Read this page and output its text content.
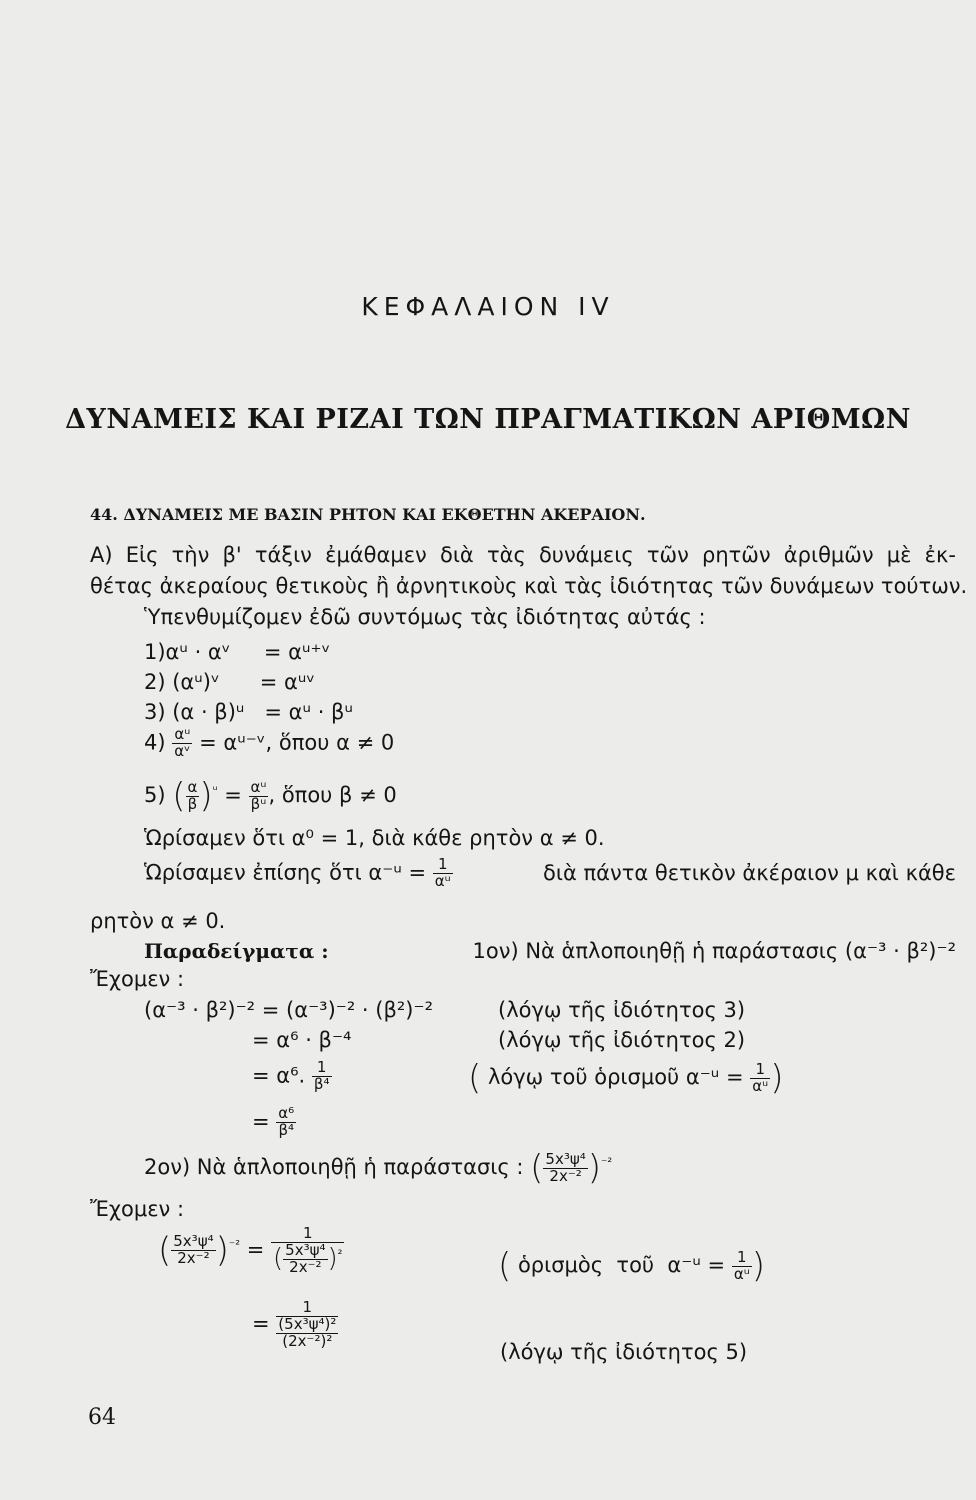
ΚΕΦΑΛΑΙΟΝ IV
ΔΥΝΑΜΕΙΣ ΚΑΙ ΡΙΖΑΙ ΤΩΝ ΠΡΑΓΜΑΤΙΚΩΝ ΑΡΙΘΜΩΝ
44. ΔΥΝΑΜΕΙΣ ΜΕ ΒΑΣΙΝ ΡΗΤΟΝ ΚΑΙ ΕΚΘΕΤΗΝ ΑΚΕΡΑΙΟΝ.
Α) Εἰς τὴν β' τάξιν ἐμάθαμεν διὰ τὰς δυνάμεις τῶν ρητῶν ἀριθμῶν μὲ ἐκ-
θέτας ἀκεραίους θετικοὺς ἢ ἀρνητικοὺς καὶ τὰς ἰδιότητας τῶν δυνάμεων τούτων.
Ὑπενθυμίζομεν ἐδῶ συντόμως τὰς ἰδιότητας αὐτάς :
1)αᵘ · αᵛ     = αᵘ⁺ᵛ
2) (αᵘ)ᵛ      = αᵘᵛ
3) (α · β)ᵘ   = αᵘ · βᵘ
$4) \frac{\text{αᵘ}}{\text{αᵛ}}$ = αᵘ⁻ᵛ, ὅπου α ≠ 0
5) ( $\frac{\alpha}{\beta} )^ᵘ = \frac{\text{αᵘ}}{\text{βᵘ}}$ , ὅπου β ≠ 0
Ὡρίσαμεν ὅτι α⁰ = 1, διὰ κάθε ρητὸν α ≠ 0.
Ὡρίσαμεν ἐπίσης ὅτι α⁻ᵘ = $\frac{1}{\text{αᵘ}}$	διὰ πάντα θετικὸν ἀκέραιον μ καὶ κάθε
ρητὸν α ≠ 0.
Παραδείγματα :	1ον) Νὰ ἁπλοποιηθῇ ἡ παράστασις (α⁻³ · β²)⁻²
Ἔχομεν :
(α⁻³ · β²)⁻² = (α⁻³)⁻² · (β²)⁻²	(λόγῳ τῆς ἰδιότητος 3)
= α⁶ · β⁻⁴	(λόγῳ τῆς ἰδιότητος 2)
= α⁶. $\frac{1}{\text{β⁴}}$	( λόγῳ τοῦ ὁρισμοῦ α⁻ᵘ = $\frac{1}{\text{αᵘ}}$ )
= $\frac{\text{α⁶}}{\text{β⁴}}$
2ον) Νὰ ἁπλοποιηθῇ ἡ παράστασις : ( $\frac{\text{5x³ψ⁴}}{\text{2x⁻²}} )^{^{-2}}$
Ἔχομεν :
( $\frac{\text{5x³ψ⁴}}{\text{2x⁻²}} )^{^{-2}} = \frac{1}{( \frac{\text{5x³ψ⁴}}{\text{2x⁻²}} )^{^2}}$	( ὁρισμὸς  τοῦ  α⁻ᵘ = $\frac{1}{\text{αᵘ}}$ )
=
1
(5x³ψ⁴)²
(2x⁻²)²	(λόγῳ τῆς ἰδιότητος 5)
64
